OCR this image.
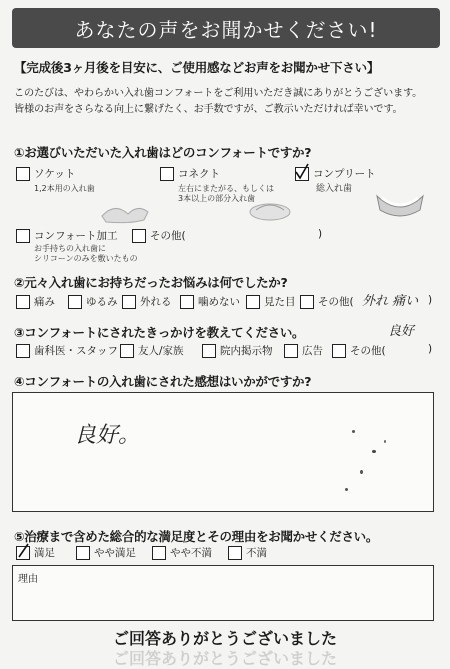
あなたの声をお聞かせください!
【完成後3ヶ月後を目安に、ご使用感などお声をお聞かせ下さい】
このたびは、やわらかい入れ歯コンフォートをご利用いただき誠にありがとうございます。
皆様のお声をさらなる向上に繋げたく、お手数ですが、ご教示いただければ幸いです。
①お選びいただいた入れ歯はどのコンフォートですか?
ソケット
1,2本用の入れ歯
コネクト
左右にまたがる、もしくは
3本以上の部分入れ歯
コンプリート
総入れ歯
コンフォート加工
お手持ちの入れ歯に
シリコーンのみを敷いたもの
その他(	)
②元々入れ歯にお持ちだったお悩みは何でしたか?
痛み	ゆるみ 外れる	噛めない 見た目 その他( 外れ 痛い )
③コンフォートにされたきっかけを教えてください。
歯科医・スタッフ 友人/家族	院内掲示物	広告	その他(
良好
)
④コンフォートの入れ歯にされた感想はいかがですか?
良好。
⑤治療まで含めた総合的な満足度とその理由をお聞かせください。
満足	やや満足	やや不満	不満
理由
ご回答ありがとうございました
ご回答ありがとうございました
